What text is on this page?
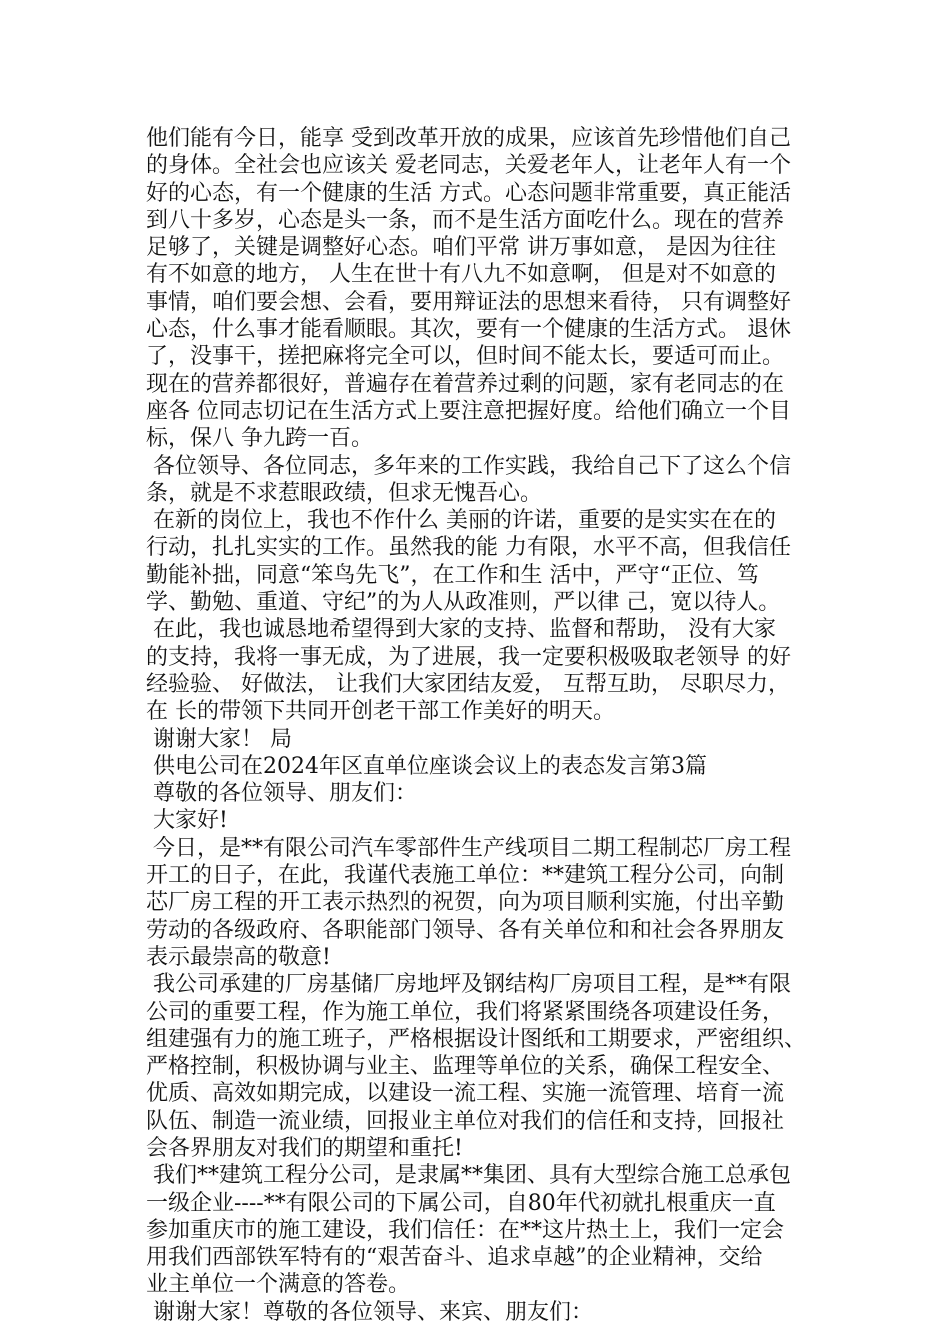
他们能有今日，能享 受到改革开放的成果，应该首先珍惜他们自己
的身体。全社会也应该关 爱老同志，关爱老年人，让老年人有一个
好的心态，有一个健康的生活 方式。心态问题非常重要，真正能活
到八十多岁，心态是头一条，而不是生活方面吃什么。现在的营养
足够了，关键是调整好心态。咱们平常 讲万事如意， 是因为往往
有不如意的地方， 人生在世十有八九不如意啊， 但是对不如意的
事情，咱们要会想、会看，要用辩证法的思想来看待， 只有调整好
心态，什么事才能看顺眼。其次，要有一个健康的生活方式。 退休
了，没事干，搓把麻将完全可以，但时间不能太长，要适可而止。
现在的营养都很好，普遍存在着营养过剩的问题，家有老同志的在
座各 位同志切记在生活方式上要注意把握好度。给他们确立一个目
标，保八 争九跨一百。
各位领导、各位同志，多年来的工作实践，我给自己下了这么个信
条，就是不求惹眼政绩，但求无愧吾心。
在新的岗位上，我也不作什么 美丽的许诺，重要的是实实在在的
行动，扎扎实实的工作。虽然我的能 力有限，水平不高，但我信任
勤能补拙，同意“笨鸟先飞”，在工作和生 活中，严守“正位、笃
学、勤勉、重道、守纪”的为人从政准则，严以律 己，宽以待人。
在此，我也诚恳地希望得到大家的支持、监督和帮助， 没有大家
的支持，我将一事无成，为了进展，我一定要积极吸取老领导 的好
经验验、 好做法， 让我们大家团结友爱， 互帮互助， 尽职尽力，
在 长的带领下共同开创老干部工作美好的明天。
谢谢大家！ 局
供电公司在2024年区直单位座谈会议上的表态发言第3篇
尊敬的各位领导、朋友们：
大家好!
今日，是**有限公司汽车零部件生产线项目二期工程制芯厂房工程
开工的日子，在此，我谨代表施工单位：**建筑工程分公司，向制
芯厂房工程的开工表示热烈的祝贺，向为项目顺利实施，付出辛勤
劳动的各级政府、各职能部门领导、各有关单位和和社会各界朋友
表示最崇高的敬意!
我公司承建的厂房基储厂房地坪及钢结构厂房项目工程，是**有限
公司的重要工程，作为施工单位，我们将紧紧围绕各项建设任务，
组建强有力的施工班子，严格根据设计图纸和工期要求，严密组织、
严格控制，积极协调与业主、监理等单位的关系，确保工程安全、
优质、高效如期完成，以建设一流工程、实施一流管理、培育一流
队伍、制造一流业绩，回报业主单位对我们的信任和支持，回报社
会各界朋友对我们的期望和重托!
我们**建筑工程分公司，是隶属**集团、具有大型综合施工总承包
一级企业----**有限公司的下属公司，自80年代初就扎根重庆一直
参加重庆市的施工建设，我们信任：在**这片热土上，我们一定会
用我们西部铁军特有的“艰苦奋斗、追求卓越”的企业精神，交给
业主单位一个满意的答卷。
谢谢大家！尊敬的各位领导、来宾、朋友们：
